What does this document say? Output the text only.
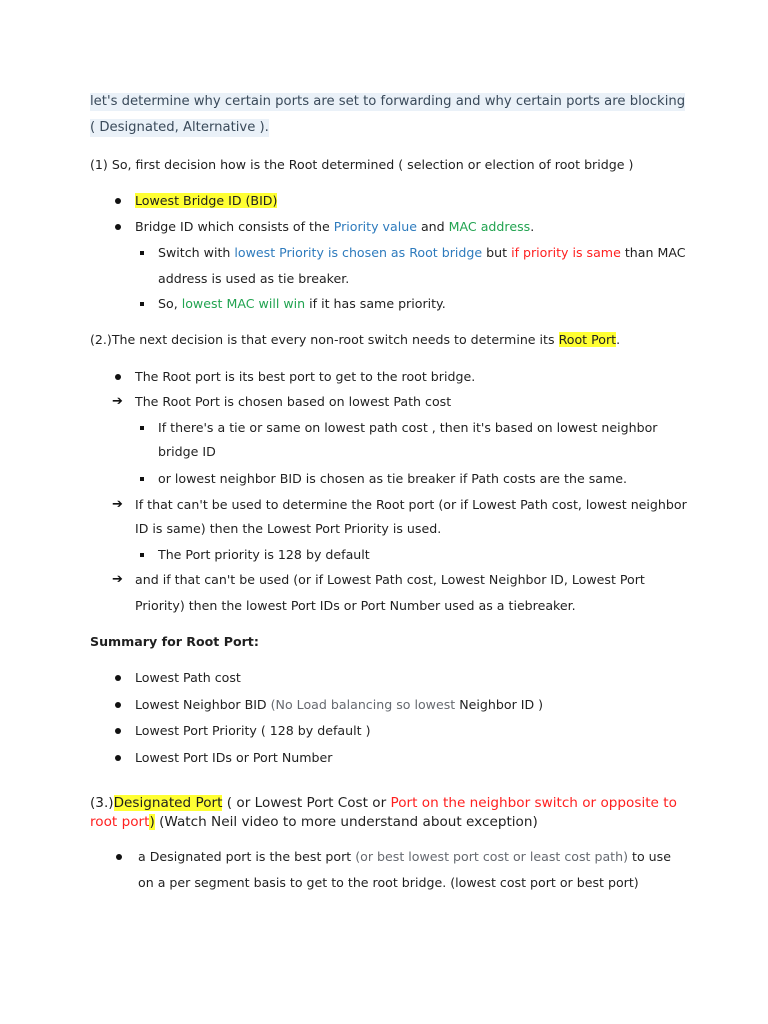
let's determine why certain ports are set to forwarding and why certain ports are blocking
( Designated, Alternative ).
(1) So, first decision how is the Root determined ( selection or election of root bridge )
Lowest Bridge ID (BID)
Bridge ID which consists of the Priority value and MAC address.
Switch with lowest Priority is chosen as Root bridge but if priority is same than MAC
address is used as tie breaker.
So, lowest MAC will win if it has same priority.
(2.)The next decision is that every non-root switch needs to determine its Root Port.
The Root port is its best port to get to the root bridge.
➔ The Root Port is chosen based on lowest Path cost
If there's a tie or same on lowest path cost , then it's based on lowest neighbor
bridge ID
or lowest neighbor BID is chosen as tie breaker if Path costs are the same.
➔ If that can't be used to determine the Root port (or if Lowest Path cost, lowest neighbor
ID is same) then the Lowest Port Priority is used.
The Port priority is 128 by default
➔ and if that can't be used (or if Lowest Path cost, Lowest Neighbor ID, Lowest Port
Priority) then the lowest Port IDs or Port Number used as a tiebreaker.
Summary for Root Port:
Lowest Path cost
Lowest Neighbor BID (No Load balancing so lowest Neighbor ID )
Lowest Port Priority ( 128 by default )
Lowest Port IDs or Port Number
(3.)Designated Port ( or Lowest Port Cost or Port on the neighbor switch or opposite to
root port) (Watch Neil video to more understand about exception)
a Designated port is the best port (or best lowest port cost or least cost path) to use
on a per segment basis to get to the root bridge. (lowest cost port or best port)
